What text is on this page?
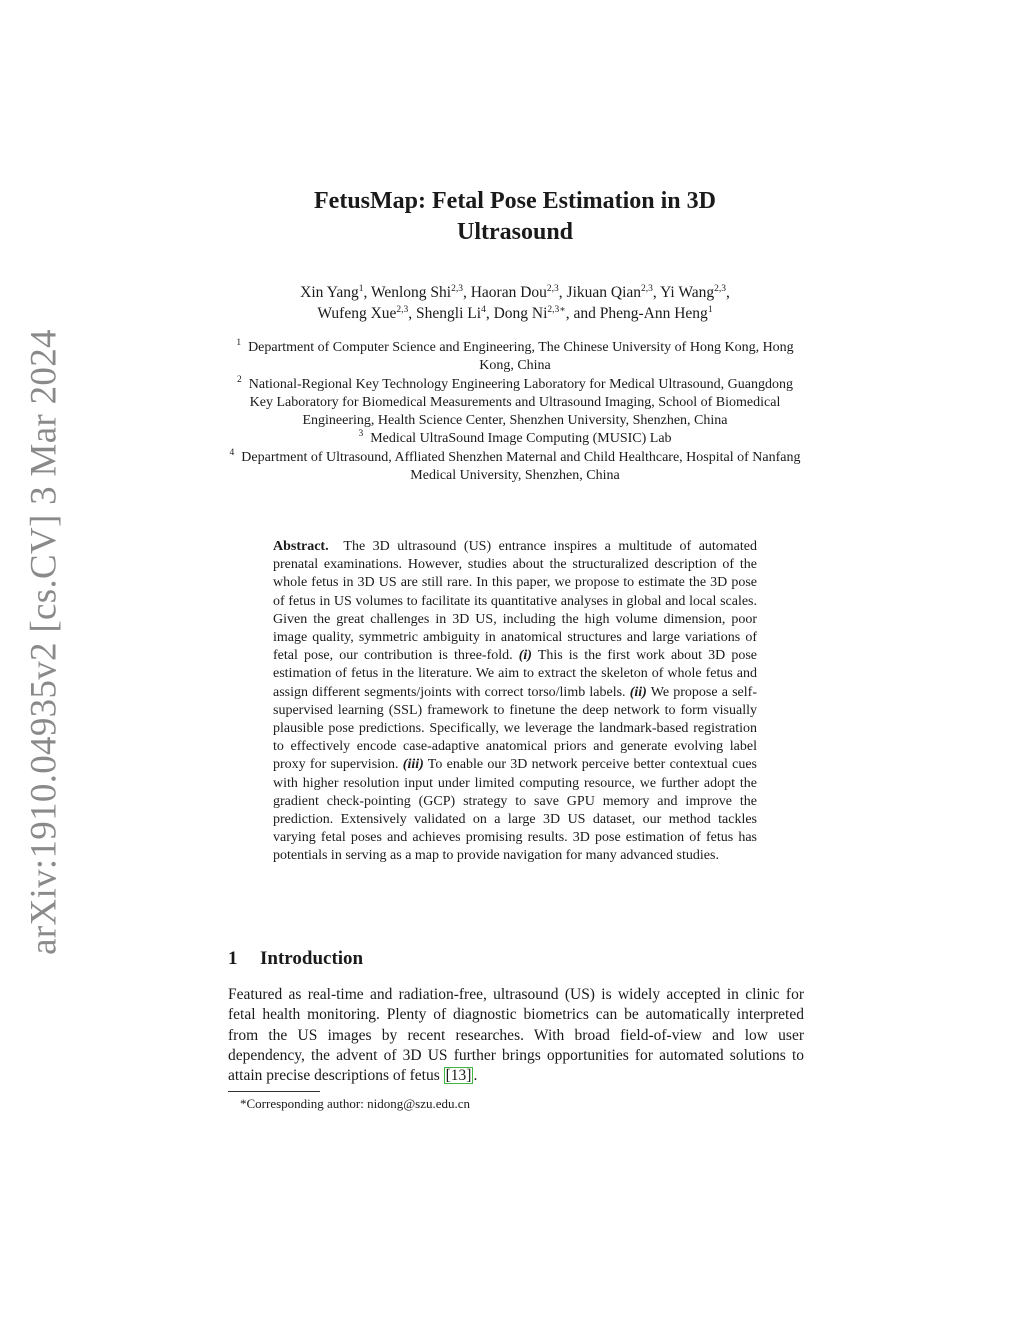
arXiv:1910.04935v2 [cs.CV] 3 Mar 2024
FetusMap: Fetal Pose Estimation in 3D
Ultrasound
Xin Yang$^1$, Wenlong Shi$^{2,3}$, Haoran Dou$^{2,3}$, Jikuan Qian$^{2,3}$, Yi Wang$^{2,3}$,
Wufeng Xue$^{2,3}$, Shengli Li$^4$, Dong $Ni^{2,3∗}$, and Pheng-Ann Heng$^1$
$^1$ Department of Computer Science and Engineering, The Chinese University of Hong Kong, Hong Kong, China
$^2$ National-Regional Key Technology Engineering Laboratory for Medical Ultrasound, Guangdong Key Laboratory for Biomedical Measurements and Ultrasound Imaging, School of Biomedical Engineering, Health Science Center, Shenzhen University, Shenzhen, China
$^3$ Medical UltraSound Image Computing (MUSIC) Lab
$^4$ Department of Ultrasound, Affliated Shenzhen Maternal and Child Healthcare, Hospital of Nanfang Medical University, Shenzhen, China

Abstract. The 3D ultrasound (US) entrance inspires a multitude of automated prenatal examinations. However, studies about the structuralized description of the whole fetus in 3D US are still rare. In this paper, we propose to estimate the 3D pose of fetus in US volumes to facilitate its quantitative analyses in global and local scales. Given the great challenges in 3D US, including the high volume dimension, poor image quality, symmetric ambiguity in anatomical structures and large variations of fetal pose, our contribution is three-fold. (i) This is the first work about 3D pose estimation of fetus in the literature. We aim to extract the skeleton of whole fetus and assign different segments/joints with correct torso/limb labels. (ii) We propose a self-supervised learning (SSL) framework to finetune the deep network to form visually plausible pose predictions. Specifically, we leverage the landmark-based registration to effectively encode case-adaptive anatomical priors and generate evolving label proxy for supervision. (iii) To enable our 3D network perceive better contextual cues with higher resolution input under limited computing resource, we further adopt the gradient check-pointing (GCP) strategy to save GPU memory and improve the prediction. Extensively validated on a large 3D US dataset, our method tackles varying fetal poses and achieves promising results. 3D pose estimation of fetus has potentials in serving as a map to provide navigation for many advanced studies.

1 Introduction

Featured as real-time and radiation-free, ultrasound (US) is widely accepted in clinic for fetal health monitoring. Plenty of diagnostic biometrics can be automatically interpreted from the US images by recent researches. With broad field-of-view and low user dependency, the advent of 3D US further brings opportunities for automated solutions to attain precise descriptions of fetus [13] .

*Corresponding author: nidong@szu.edu.cn
